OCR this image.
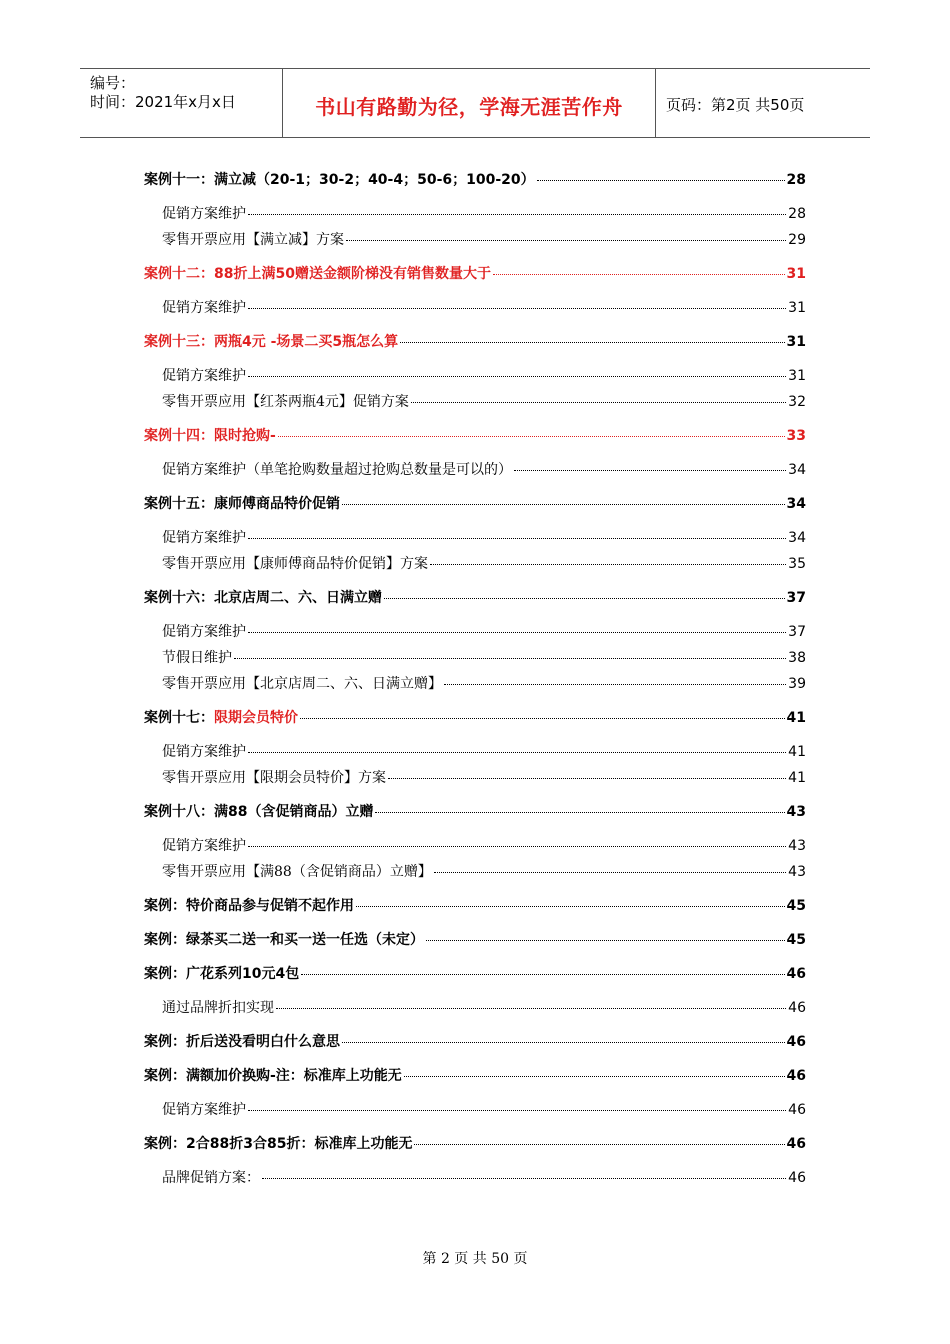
编号：
时间：2021年x月x日	书山有路勤为径，学海无涯苦作舟	页码：第2页 共50页
案例十一：满立减（20-1；30-2；40-4；50-6；100-20）	28
促销方案维护	28
零售开票应用【满立减】方案	29
案例十二：88折上满50赠送金额阶梯没有销售数量大于	31
促销方案维护	31
案例十三：两瓶4元 -场景二买5瓶怎么算	31
促销方案维护	31
零售开票应用【红茶两瓶4元】促销方案	32
案例十四：限时抢购-	33
促销方案维护（单笔抢购数量超过抢购总数量是可以的）	34
案例十五：康师傅商品特价促销	34
促销方案维护	34
零售开票应用【康师傅商品特价促销】方案	35
案例十六：北京店周二、六、日满立赠	37
促销方案维护	37
节假日维护	38
零售开票应用【北京店周二、六、日满立赠】	39
案例十七：限期会员特价	41
促销方案维护	41
零售开票应用【限期会员特价】方案	41
案例十八：满88（含促销商品）立赠	43
促销方案维护	43
零售开票应用【满88（含促销商品）立赠】	43
案例：特价商品参与促销不起作用	45
案例：绿茶买二送一和买一送一任选（未定）	45
案例：广花系列10元4包	46
通过品牌折扣实现	46
案例：折后送没看明白什么意思	46
案例：满额加价换购-注：标准库上功能无	46
促销方案维护	46
案例：2合88折3合85折：标准库上功能无	46
品牌促销方案：	46
第 2 页 共 50 页
